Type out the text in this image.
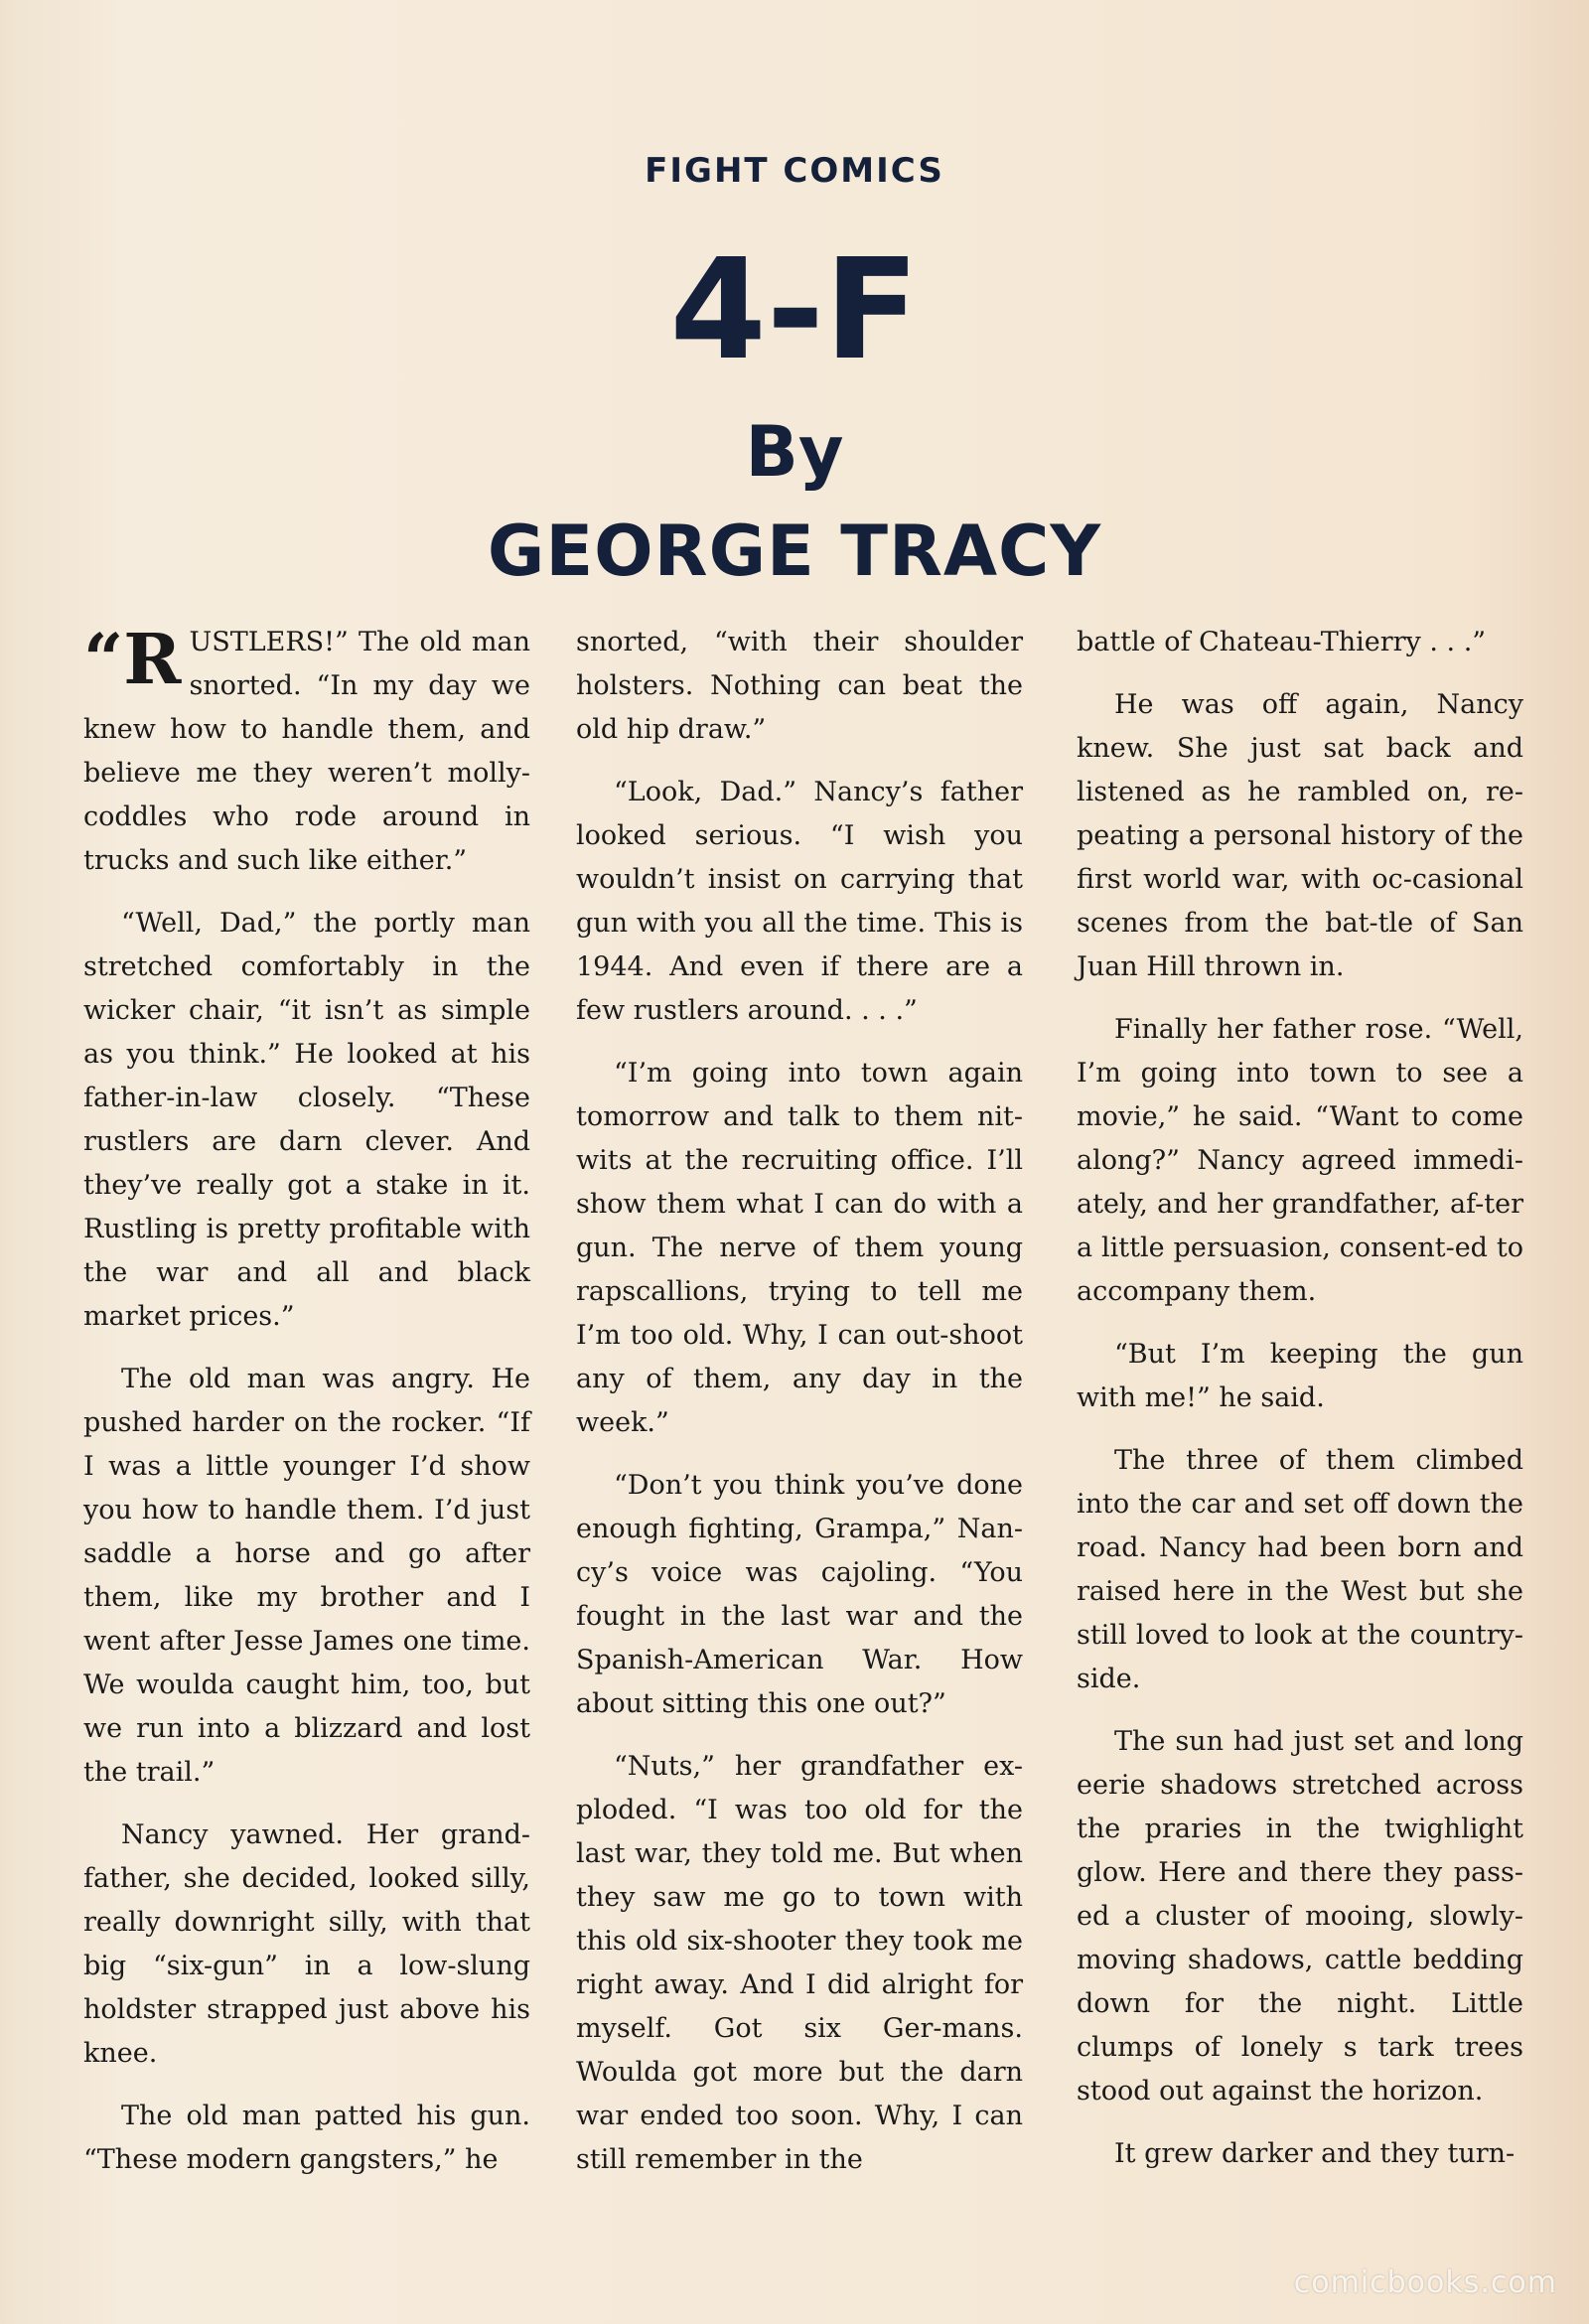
FIGHT COMICS
4-F
By
GEORGE TRACY

“RUSTLERS!” The old man snorted. “In my day we knew how to handle them, and believe me they weren’t molly-coddles who rode around in trucks and such like either.”

“Well, Dad,” the portly man stretched comfortably in the wicker chair, “it isn’t as simple as you think.” He looked at his father-in-law closely. “These rustlers are darn clever. And they’ve really got a stake in it. Rustling is pretty profitable with the war and all and black market prices.”

The old man was angry. He pushed harder on the rocker. “If I was a little younger I’d show you how to handle them. I’d just saddle a horse and go after them, like my brother and I went after Jesse James one time. We woulda caught him, too, but we run into a blizzard and lost the trail.”

Nancy yawned. Her grand-father, she decided, looked silly, really downright silly, with that big “six-gun” in a low-slung holdster strapped just above his knee.

The old man patted his gun. “These modern gangsters,” he

snorted, “with their shoulder holsters. Nothing can beat the old hip draw.”

“Look, Dad.” Nancy’s father looked serious. “I wish you wouldn’t insist on carrying that gun with you all the time. This is 1944. And even if there are a few rustlers around. . . .”

“I’m going into town again tomorrow and talk to them nit-wits at the recruiting office. I’ll show them what I can do with a gun. The nerve of them young rapscallions, trying to tell me I’m too old. Why, I can out-shoot any of them, any day in the week.”

“Don’t you think you’ve done enough fighting, Grampa,” Nan-cy’s voice was cajoling. “You fought in the last war and the Spanish-American War. How about sitting this one out?”

“Nuts,” her grandfather ex-ploded. “I was too old for the last war, they told me. But when they saw me go to town with this old six-shooter they took me right away. And I did alright for myself. Got six Ger-mans. Woulda got more but the darn war ended too soon. Why, I can still remember in the

battle of Chateau-Thierry . . .”

He was off again, Nancy knew. She just sat back and listened as he rambled on, re-peating a personal history of the first world war, with oc-casional scenes from the bat-tle of San Juan Hill thrown in.

Finally her father rose. “Well, I’m going into town to see a movie,” he said. “Want to come along?” Nancy agreed immedi-ately, and her grandfather, af-ter a little persuasion, consent-ed to accompany them.

“But I’m keeping the gun with me!” he said.

The three of them climbed into the car and set off down the road. Nancy had been born and raised here in the West but she still loved to look at the country-side.

The sun had just set and long eerie shadows stretched across the praries in the twighlight glow. Here and there they pass-ed a cluster of mooing, slowly-moving shadows, cattle bedding down for the night. Little clumps of lonely s tark trees stood out against the horizon.

It grew darker and they turn-

comicbooks.com
